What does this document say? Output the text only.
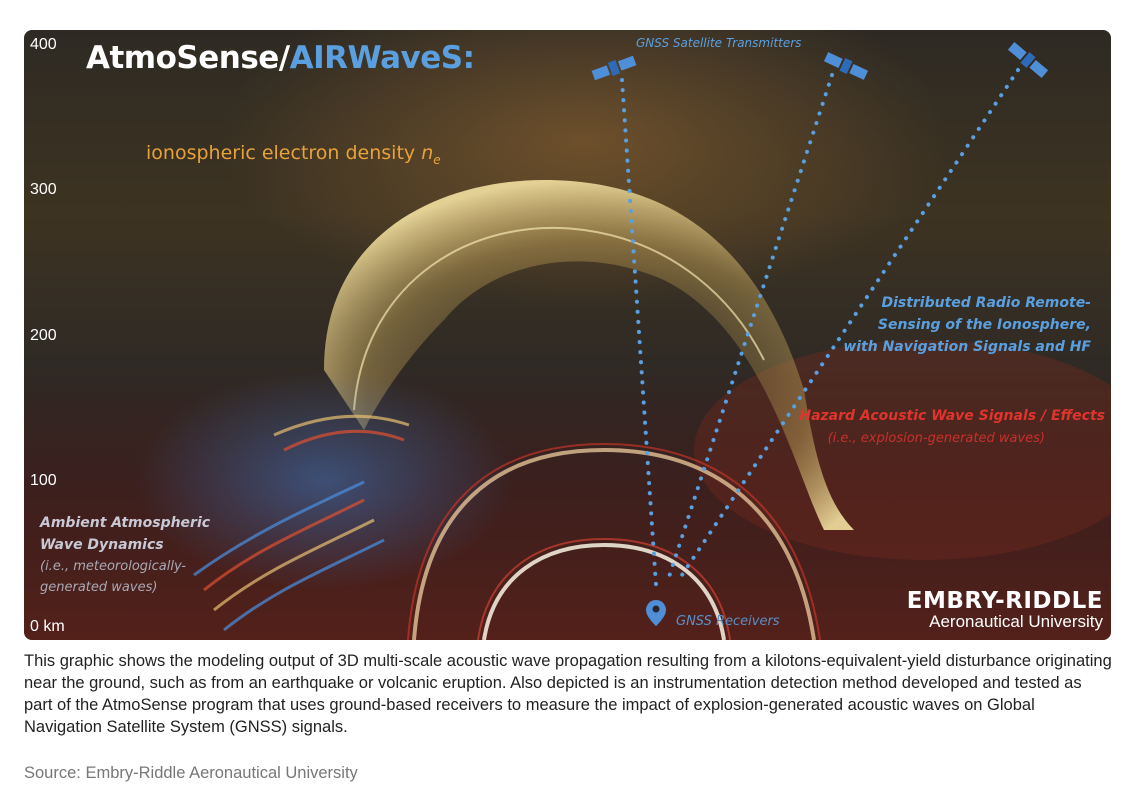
400
300
200
100
0 km
AtmoSense/AIRWaveS:
ionospheric electron density $n_e$
GNSS Satellite Transmitters
Distributed Radio Remote-
Sensing of the Ionosphere,
with Navigation Signals and HF
Hazard Acoustic Wave Signals / Effects
(i.e., explosion-generated waves)
Ambient Atmospheric
Wave Dynamics
(i.e., meteorologically-
generated waves)
GNSS Receivers
EMBRY-RIDDLE
Aeronautical University
This graphic shows the modeling output of 3D multi-scale acoustic wave propagation resulting from a kilotons-equivalent-yield disturbance originating near the ground, such as from an earthquake or volcanic eruption. Also depicted is an instrumentation detection method developed and tested as part of the AtmoSense program that uses ground-based receivers to measure the impact of explosion-generated acoustic waves on Global Navigation Satellite System (GNSS) signals.
Source: Embry-Riddle Aeronautical University
